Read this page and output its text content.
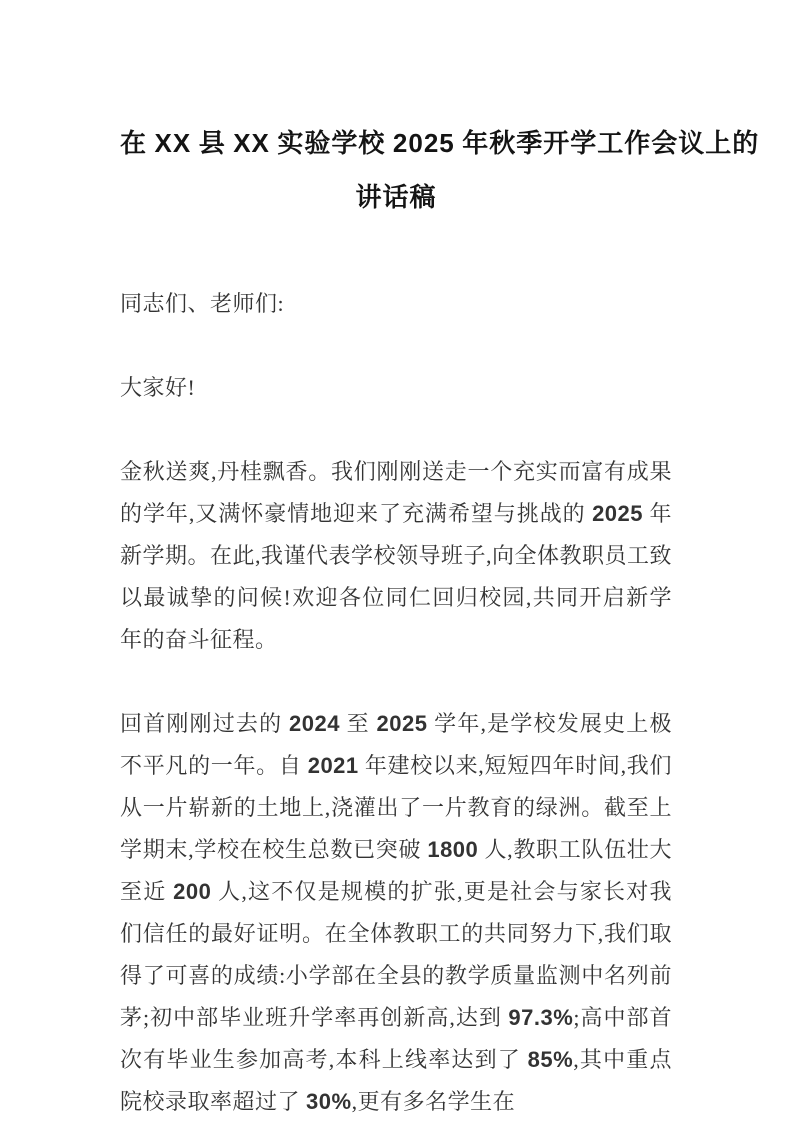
在 XX 县 XX 实验学校 2025 年秋季开学工作会议上的
讲话稿

同志们、老师们:

大家好!

金秋送爽,丹桂飘香。我们刚刚送走一个充实而富有成果的学年,又满怀豪情地迎来了充满希望与挑战的 2025 年新学期。在此,我谨代表学校领导班子,向全体教职员工致以最诚挚的问候!欢迎各位同仁回归校园,共同开启新学年的奋斗征程。

回首刚刚过去的 2024 至 2025 学年,是学校发展史上极不平凡的一年。自 2021 年建校以来,短短四年时间,我们从一片崭新的土地上,浇灌出了一片教育的绿洲。截至上学期末,学校在校生总数已突破 1800 人,教职工队伍壮大至近 200 人,这不仅是规模的扩张,更是社会与家长对我们信任的最好证明。在全体教职工的共同努力下,我们取得了可喜的成绩:小学部在全县的教学质量监测中名列前茅;初中部毕业班升学率再创新高,达到 97.3%;高中部首次有毕业生参加高考,本科上线率达到了 85%,其中重点院校录取率超过了 30%,更有多名学生在
